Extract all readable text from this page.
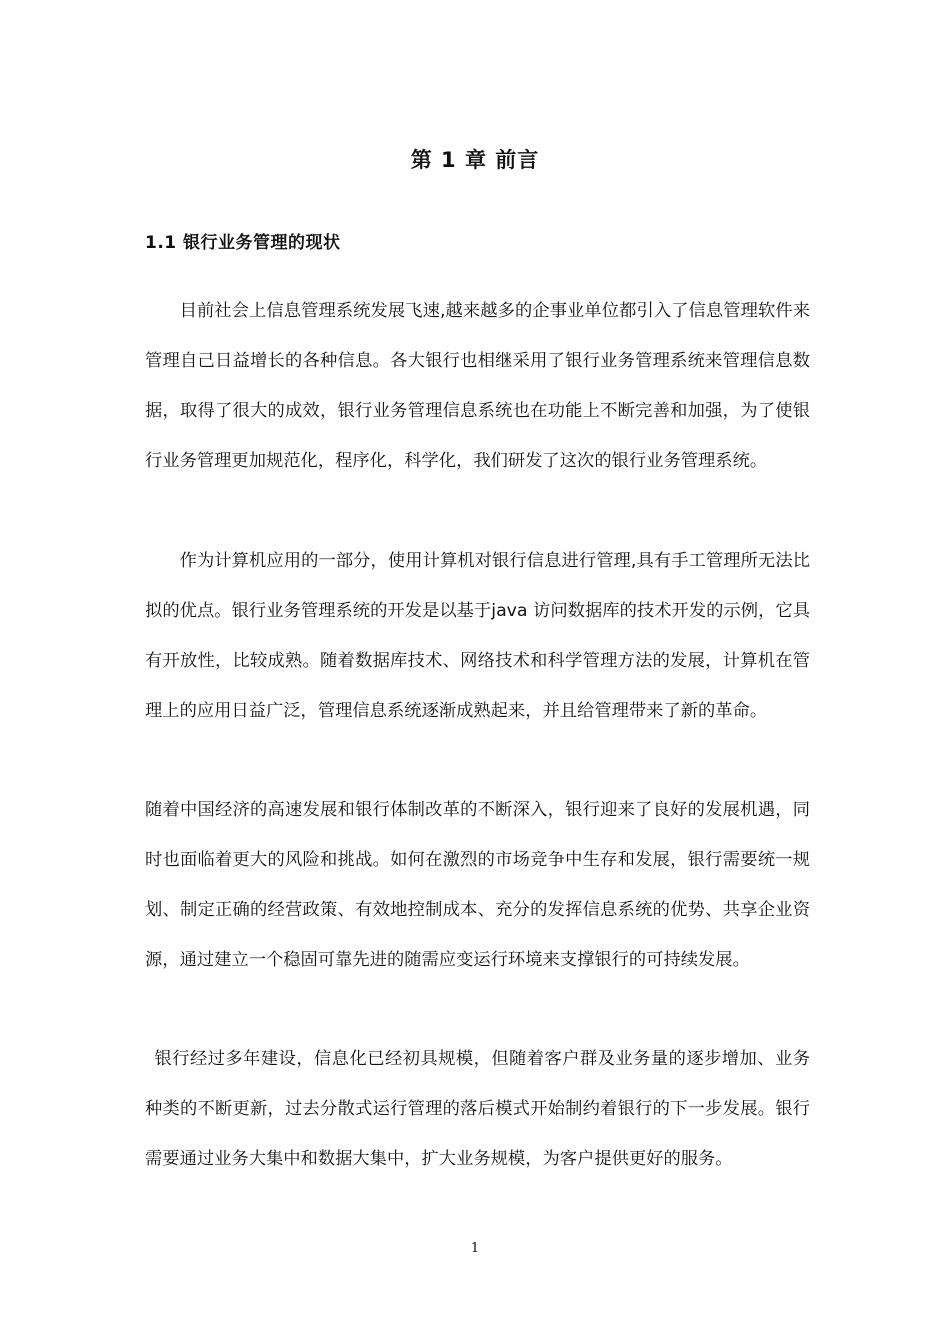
第 1 章 前言
1.1 银行业务管理的现状

目前社会上信息管理系统发展飞速,越来越多的企事业单位都引入了信息管理软件来管理自己日益增长的各种信息。各大银行也相继采用了银行业务管理系统来管理信息数据，取得了很大的成效，银行业务管理信息系统也在功能上不断完善和加强，为了使银行业务管理更加规范化，程序化，科学化，我们研发了这次的银行业务管理系统。

作为计算机应用的一部分，使用计算机对银行信息进行管理,具有手工管理所无法比拟的优点。银行业务管理系统的开发是以基于java 访问数据库的技术开发的示例，它具有开放性，比较成熟。随着数据库技术、网络技术和科学管理方法的发展，计算机在管理上的应用日益广泛，管理信息系统逐渐成熟起来，并且给管理带来了新的革命。

随着中国经济的高速发展和银行体制改革的不断深入，银行迎来了良好的发展机遇，同时也面临着更大的风险和挑战。如何在激烈的市场竞争中生存和发展，银行需要统一规划、制定正确的经营政策、有效地控制成本、充分的发挥信息系统的优势、共享企业资源，通过建立一个稳固可靠先进的随需应变运行环境来支撑银行的可持续发展。

银行经过多年建设，信息化已经初具规模，但随着客户群及业务量的逐步增加、业务种类的不断更新，过去分散式运行管理的落后模式开始制约着银行的下一步发展。银行需要通过业务大集中和数据大集中，扩大业务规模，为客户提供更好的服务。

1
